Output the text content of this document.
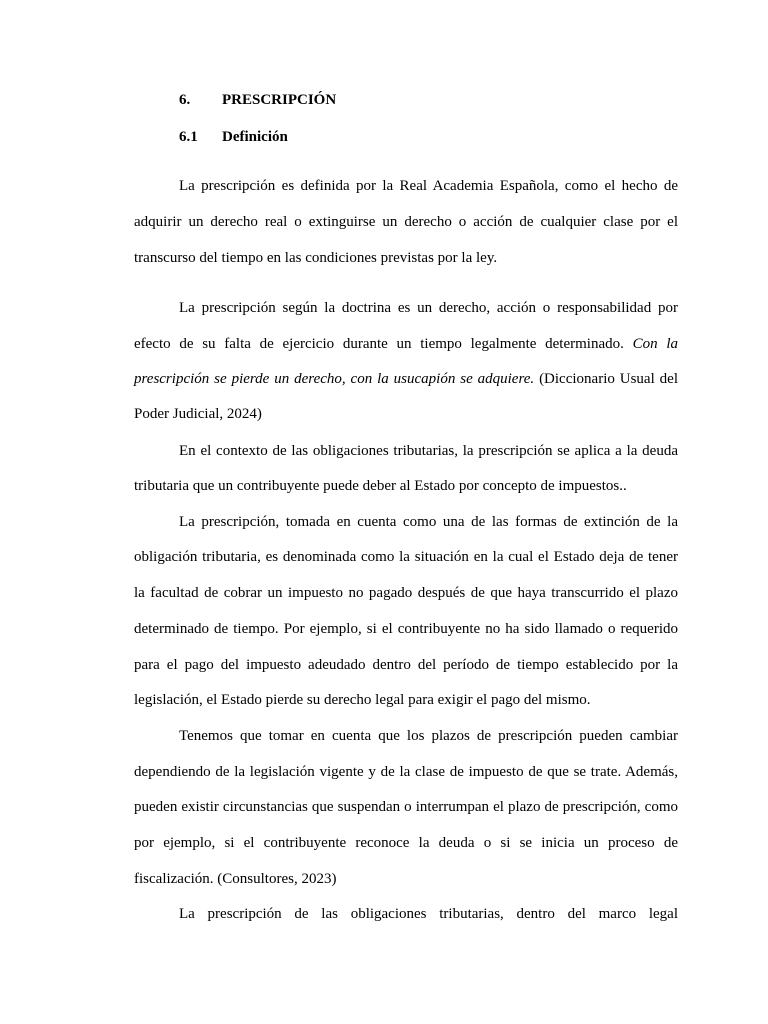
6. PRESCRIPCIÓN
6.1 Definición
La prescripción es definida por la Real Academia Española, como el hecho de
adquirir un derecho real o extinguirse un derecho o acción de cualquier clase por el
transcurso del tiempo en las condiciones previstas por la ley.
La prescripción según la doctrina es un derecho, acción o responsabilidad por
efecto de su falta de ejercicio durante un tiempo legalmente determinado. Con la
prescripción se pierde un derecho, con la usucapión se adquiere. (Diccionario Usual del
Poder Judicial, 2024)
En el contexto de las obligaciones tributarias, la prescripción se aplica a la deuda
tributaria que un contribuyente puede deber al Estado por concepto de impuestos..
La prescripción, tomada en cuenta como una de las formas de extinción de la
obligación tributaria, es denominada como la situación en la cual el Estado deja de tener
la facultad de cobrar un impuesto no pagado después de que haya transcurrido el plazo
determinado de tiempo. Por ejemplo, si el contribuyente no ha sido llamado o requerido
para el pago del impuesto adeudado dentro del período de tiempo establecido por la
legislación, el Estado pierde su derecho legal para exigir el pago del mismo.
Tenemos que tomar en cuenta que los plazos de prescripción pueden cambiar
dependiendo de la legislación vigente y de la clase de impuesto de que se trate. Además,
pueden existir circunstancias que suspendan o interrumpan el plazo de prescripción, como
por ejemplo, si el contribuyente reconoce la deuda o si se inicia un proceso de
fiscalización. (Consultores, 2023)
La prescripción de las obligaciones tributarias, dentro del marco legal
